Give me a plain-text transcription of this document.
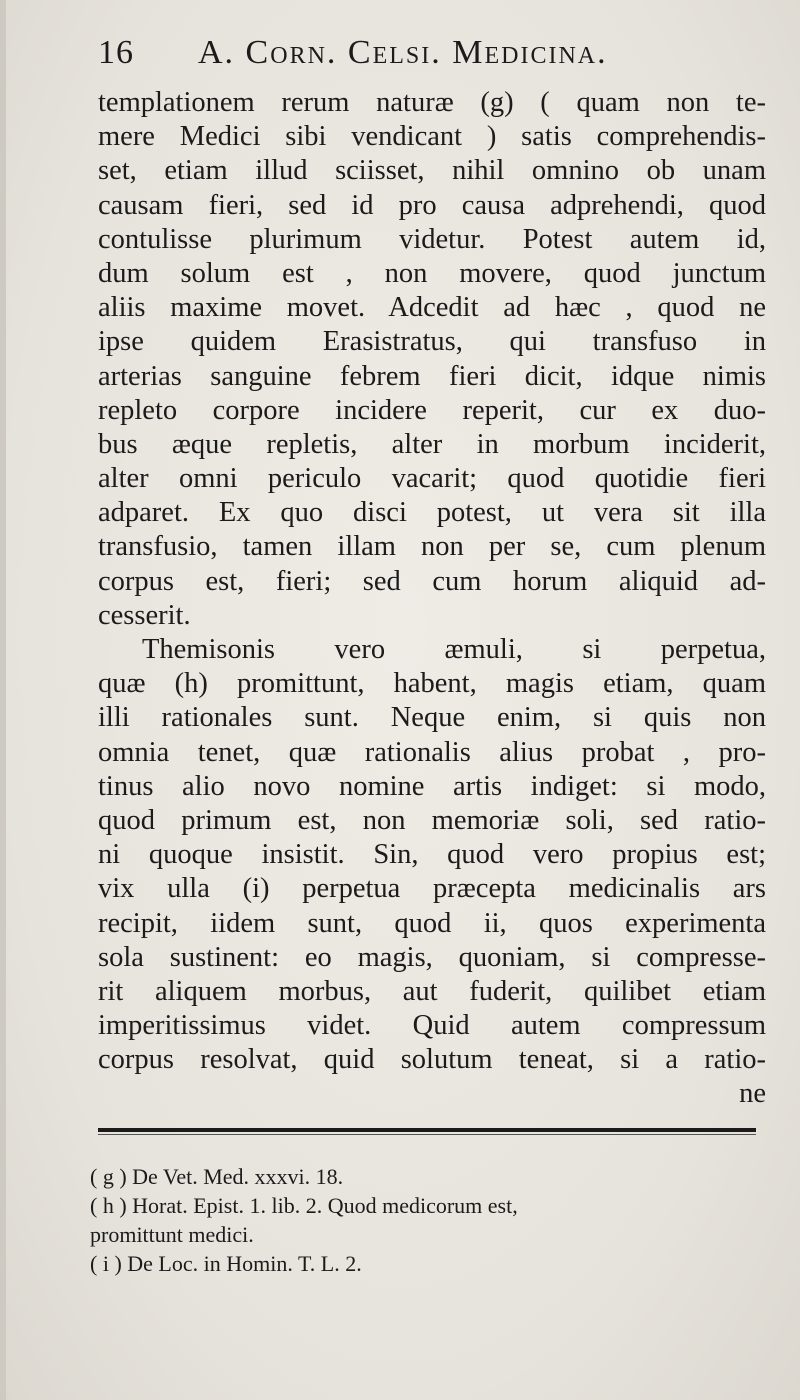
16 A. Corn. Celsi. Medicina.
templationem rerum naturæ (g) ( quam non te-
mere Medici sibi vendicant ) satis comprehendis-
set, etiam illud sciisset, nihil omnino ob unam
causam fieri, sed id pro causa adprehendi, quod
contulisse plurimum videtur. Potest autem id,
dum solum est , non movere, quod junctum
aliis maxime movet. Adcedit ad hæc , quod ne
ipse quidem Erasistratus, qui transfuso in
arterias sanguine febrem fieri dicit, idque nimis
repleto corpore incidere reperit, cur ex duo-
bus æque repletis, alter in morbum inciderit,
alter omni periculo vacarit; quod quotidie fieri
adparet. Ex quo disci potest, ut vera sit illa
transfusio, tamen illam non per se, cum plenum
corpus est, fieri; sed cum horum aliquid ad-
cesserit.
Themisonis vero æmuli, si perpetua,
quæ (h) promittunt, habent, magis etiam, quam
illi rationales sunt. Neque enim, si quis non
omnia tenet, quæ rationalis alius probat , pro-
tinus alio novo nomine artis indiget: si modo,
quod primum est, non memoriæ soli, sed ratio-
ni quoque insistit. Sin, quod vero propius est;
vix ulla (i) perpetua præcepta medicinalis ars
recipit, iidem sunt, quod ii, quos experimenta
sola sustinent: eo magis, quoniam, si compresse-
rit aliquem morbus, aut fuderit, quilibet etiam
imperitissimus videt. Quid autem compressum
corpus resolvat, quid solutum teneat, si a ratio-
ne
( g ) De Vet. Med. xxxvi. 18.
( h ) Horat. Epist. 1. lib. 2. Quod medicorum est,
promittunt medici.
( i ) De Loc. in Homin. T. L. 2.
